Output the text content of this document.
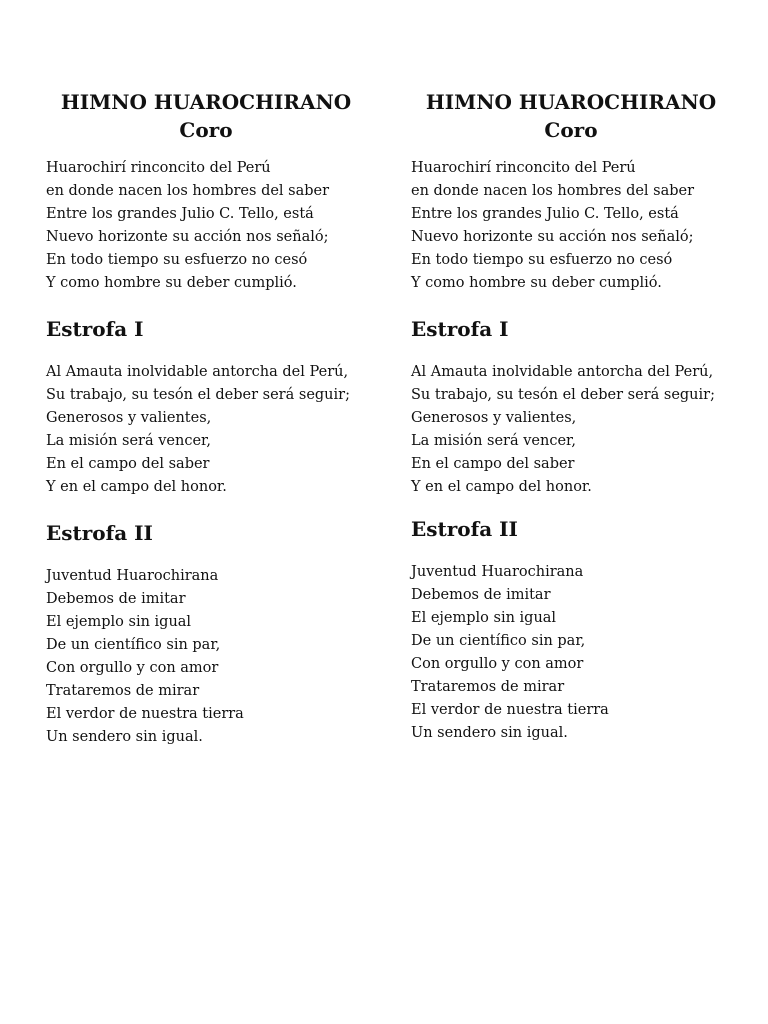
HIMNO HUAROCHIRANO
Coro
Huarochirí rinconcito del Perú
en donde nacen los hombres del saber
Entre los grandes Julio C. Tello, está
Nuevo horizonte su acción nos señaló;
En todo tiempo su esfuerzo no cesó
Y como hombre su deber cumplió.
Estrofa I
Al Amauta inolvidable antorcha del Perú,
Su trabajo, su tesón el deber será seguir;
Generosos y valientes,
La misión será vencer,
En el campo del saber
Y en el campo del honor.
Estrofa II
Juventud Huarochirana
Debemos de imitar
El ejemplo sin igual
De un científico sin par,
Con orgullo y con amor
Trataremos de mirar
El verdor de nuestra tierra
Un sendero sin igual.
HIMNO HUAROCHIRANO
Coro
Huarochirí rinconcito del Perú
en donde nacen los hombres del saber
Entre los grandes Julio C. Tello, está
Nuevo horizonte su acción nos señaló;
En todo tiempo su esfuerzo no cesó
Y como hombre su deber cumplió.
Estrofa I
Al Amauta inolvidable antorcha del Perú,
Su trabajo, su tesón el deber será seguir;
Generosos y valientes,
La misión será vencer,
En el campo del saber
Y en el campo del honor.
Estrofa II
Juventud Huarochirana
Debemos de imitar
El ejemplo sin igual
De un científico sin par,
Con orgullo y con amor
Trataremos de mirar
El verdor de nuestra tierra
Un sendero sin igual.
